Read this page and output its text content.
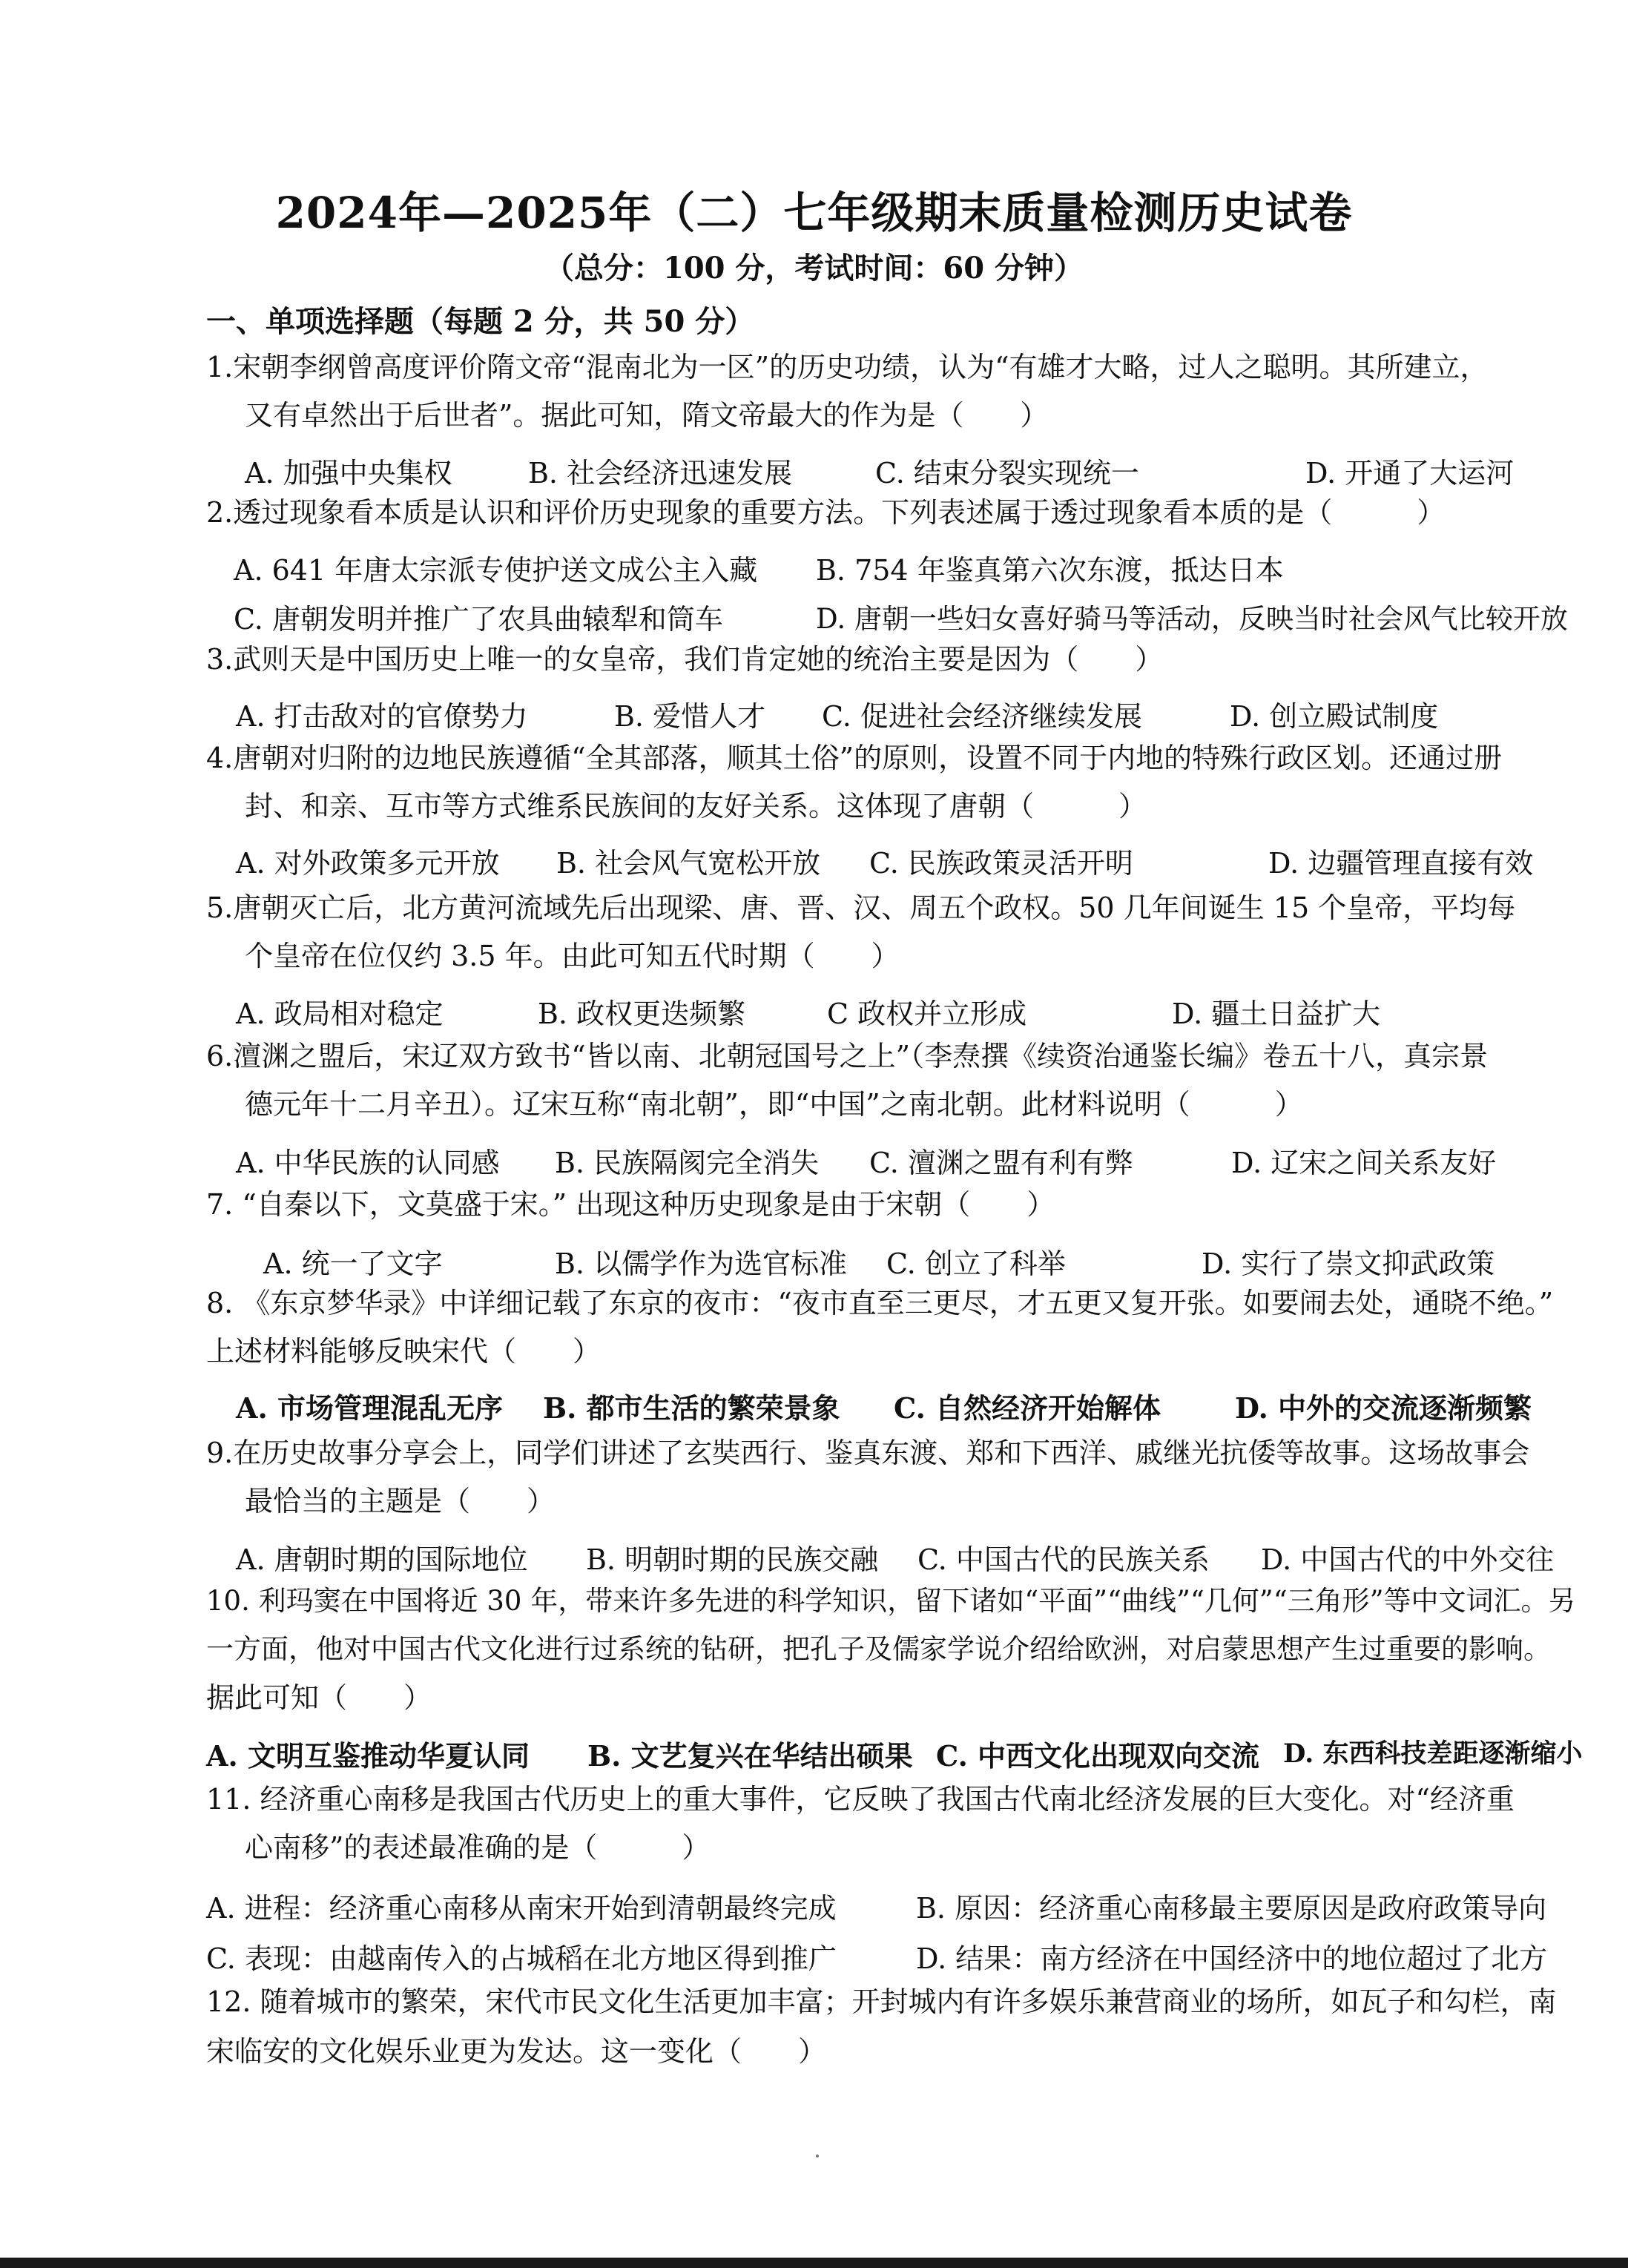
2024年—2025年（二）七年级期末质量检测历史试卷
（总分：100 分，考试时间：60 分钟）
一、单项选择题（每题 2 分，共 50 分）
1.宋朝李纲曾高度评价隋文帝“混南北为一区”的历史功绩，认为“有雄才大略，过人之聪明。其所建立，
又有卓然出于后世者”。据此可知，隋文帝最大的作为是（　　）
A. 加强中央集权	B. 社会经济迅速发展	C. 结束分裂实现统一	D. 开通了大运河
2.透过现象看本质是认识和评价历史现象的重要方法。下列表述属于透过现象看本质的是（　　　）
A. 641 年唐太宗派专使护送文成公主入藏 B. 754 年鉴真第六次东渡，抵达日本
C. 唐朝发明并推广了农具曲辕犁和筒车	D. 唐朝一些妇女喜好骑马等活动，反映当时社会风气比较开放
3.武则天是中国历史上唯一的女皇帝，我们肯定她的统治主要是因为（　　）
A. 打击敌对的官僚势力	B. 爱惜人才 C. 促进社会经济继续发展	D. 创立殿试制度
4.唐朝对归附的边地民族遵循“全其部落，顺其土俗”的原则，设置不同于内地的特殊行政区划。还通过册
封、和亲、互市等方式维系民族间的友好关系。这体现了唐朝（　　　）
A. 对外政策多元开放 B. 社会风气宽松开放 C. 民族政策灵活开明	D. 边疆管理直接有效
5.唐朝灭亡后，北方黄河流域先后出现梁、唐、晋、汉、周五个政权。50 几年间诞生 15 个皇帝，平均每
个皇帝在位仅约 3.5 年。由此可知五代时期（　　）
A. 政局相对稳定	B. 政权更迭频繁	C 政权并立形成	D. 疆土日益扩大
6.澶渊之盟后，宋辽双方致书“皆以南、北朝冠国号之上”（李焘撰《续资治通鉴长编》卷五十八，真宗景
德元年十二月辛丑）。辽宋互称“南北朝”，即“中国”之南北朝。此材料说明（　　　）
A. 中华民族的认同感 B. 民族隔阂完全消失 C. 澶渊之盟有利有弊	D. 辽宋之间关系友好
7. “自秦以下，文莫盛于宋。” 出现这种历史现象是由于宋朝（　　）
A. 统一了文字	B. 以儒学作为选官标准 C. 创立了科举	D. 实行了崇文抑武政策
8. 《东京梦华录》中详细记载了东京的夜市：“夜市直至三更尽，才五更又复开张。如要闹去处，通晓不绝。”
上述材料能够反映宋代（　　）
A. 市场管理混乱无序 B. 都市生活的繁荣景象 C. 自然经济开始解体	D. 中外的交流逐渐频繁
9.在历史故事分享会上，同学们讲述了玄奘西行、鉴真东渡、郑和下西洋、戚继光抗倭等故事。这场故事会
最恰当的主题是（　　）
A. 唐朝时期的国际地位 B. 明朝时期的民族交融 C. 中国古代的民族关系 D. 中国古代的中外交往
10. 利玛窦在中国将近 30 年，带来许多先进的科学知识，留下诸如“平面”“曲线”“几何”“三角形”等中文词汇。另
一方面，他对中国古代文化进行过系统的钻研，把孔子及儒家学说介绍给欧洲，对启蒙思想产生过重要的影响。
据此可知（　　）
A. 文明互鉴推动华夏认同 B. 文艺复兴在华结出硕果 C. 中西文化出现双向交流 D. 东西科技差距逐渐缩小
11. 经济重心南移是我国古代历史上的重大事件，它反映了我国古代南北经济发展的巨大变化。对“经济重
心南移”的表述最准确的是（　　　）
A. 进程：经济重心南移从南宋开始到清朝最终完成	B. 原因：经济重心南移最主要原因是政府政策导向
C. 表现：由越南传入的占城稻在北方地区得到推广	D. 结果：南方经济在中国经济中的地位超过了北方
12. 随着城市的繁荣，宋代市民文化生活更加丰富；开封城内有许多娱乐兼营商业的场所，如瓦子和勾栏，南
宋临安的文化娱乐业更为发达。这一变化（　　）
